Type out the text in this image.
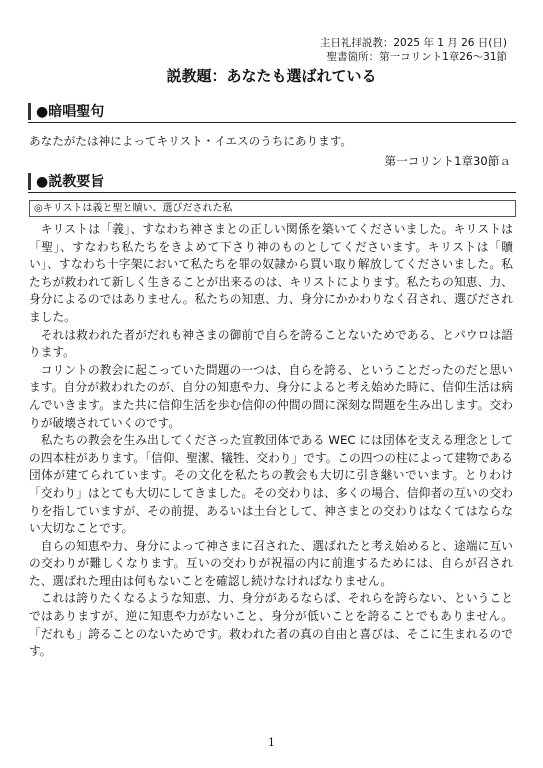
主日礼拝説教：2025 年 1 月 26 日(日)
聖書箇所：第一コリント1章26～31節
説教題：あなたも選ばれている
●暗唱聖句
あなたがたは神によってキリスト・イエスのうちにあります。
第一コリント1章30節ａ
●説教要旨
◎キリストは義と聖と贖い、選びだされた私

キリストは「義」、すなわち神さまとの正しい関係を築いてくださいました。キリストは「聖」、すなわち私たちをきよめて下さり神のものとしてくださいます。キリストは「贖い」、すなわち十字架において私たちを罪の奴隷から買い取り解放してくださいました。私たちが救われて新しく生きることが出来るのは、キリストによります。私たちの知恵、力、身分によるのではありません。私たちの知恵、力、身分にかかわりなく召され、選びだされました。

それは救われた者がだれも神さまの御前で自らを誇ることないためである、とパウロは語ります。

コリントの教会に起こっていた問題の一つは、自らを誇る、ということだったのだと思います。自分が救われたのが、自分の知恵や力、身分によると考え始めた時に、信仰生活は病んでいきます。また共に信仰生活を歩む信仰の仲間の間に深刻な問題を生み出します。交わりが破壊されていくのです。

私たちの教会を生み出してくださった宣教団体である WEC には団体を支える理念としての四本柱があります。「信仰、聖潔、犠牲、交わり」です。この四つの柱によって建物である団体が建てられています。その文化を私たちの教会も大切に引き継いでいます。とりわけ「交わり」はとても大切にしてきました。その交わりは、多くの場合、信仰者の互いの交わりを指していますが、その前提、あるいは土台として、神さまとの交わりはなくてはならない大切なことです。

自らの知恵や力、身分によって神さまに召された、選ばれたと考え始めると、途端に互いの交わりが難しくなります。互いの交わりが祝福の内に前進するためには、自らが召された、選ばれた理由は何もないことを確認し続けなければなりません。

これは誇りたくなるような知恵、力、身分があるならば、それらを誇らない、ということではありますが、逆に知恵や力がないこと、身分が低いことを誇ることでもありません。「だれも」誇ることのないためです。救われた者の真の自由と喜びは、そこに生まれるのです。

1
